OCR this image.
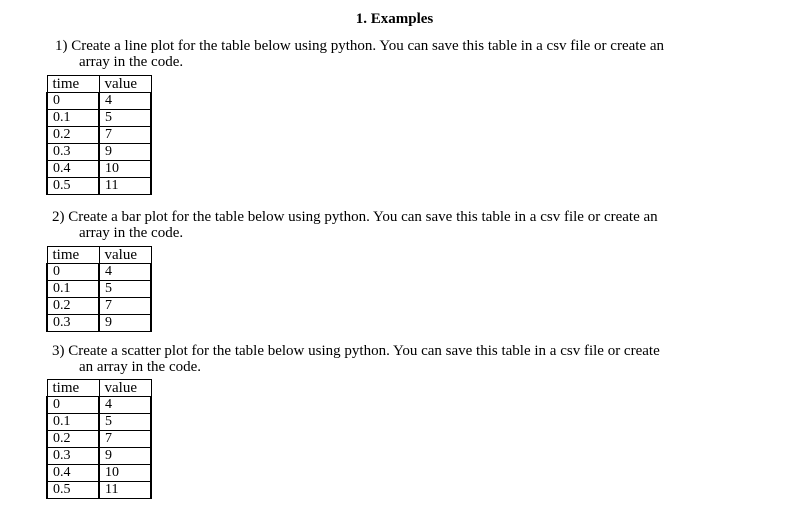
1. Examples
1) Create a line plot for the table below using python. You can save this table in a csv file or create an
array in the code.
time	value
0	4
0.1	5
0.2	7
0.3	9
0.4	10
0.5	11
2) Create a bar plot for the table below using python. You can save this table in a csv file or create an
array in the code.
time	value
0	4
0.1	5
0.2	7
0.3	9
3) Create a scatter plot for the table below using python. You can save this table in a csv file or create
an array in the code.
time	value
0	4
0.1	5
0.2	7
0.3	9
0.4	10
0.5	11
